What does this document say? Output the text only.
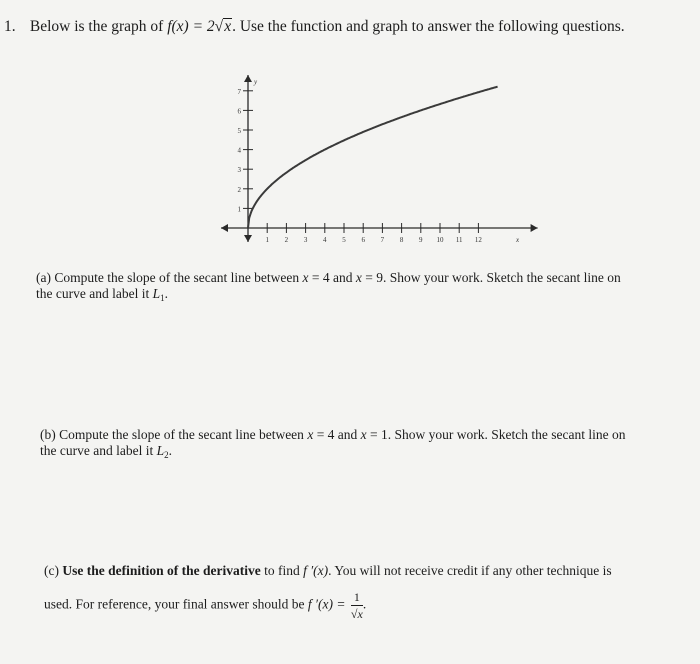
1. Below is the graph of f(x) = 2√x. Use the function and graph to answer the following questions.
1 2 3 4 5 6 7 8 9 10 11 12
1
2
3
4
5
6
7
x
y
(a) Compute the slope of the secant line between x = 4 and x = 9. Show your work. Sketch the secant line on
the curve and label it $L_1$.
(b) Compute the slope of the secant line between x = 4 and x = 1. Show your work. Sketch the secant line on
the curve and label it $L_2$.
(c) Use the definition of the derivative to find f ′(x). You will not receive credit if any other technique is
used. For reference, your final answer should be f $'(x) = \frac{1}{√x}$ .
